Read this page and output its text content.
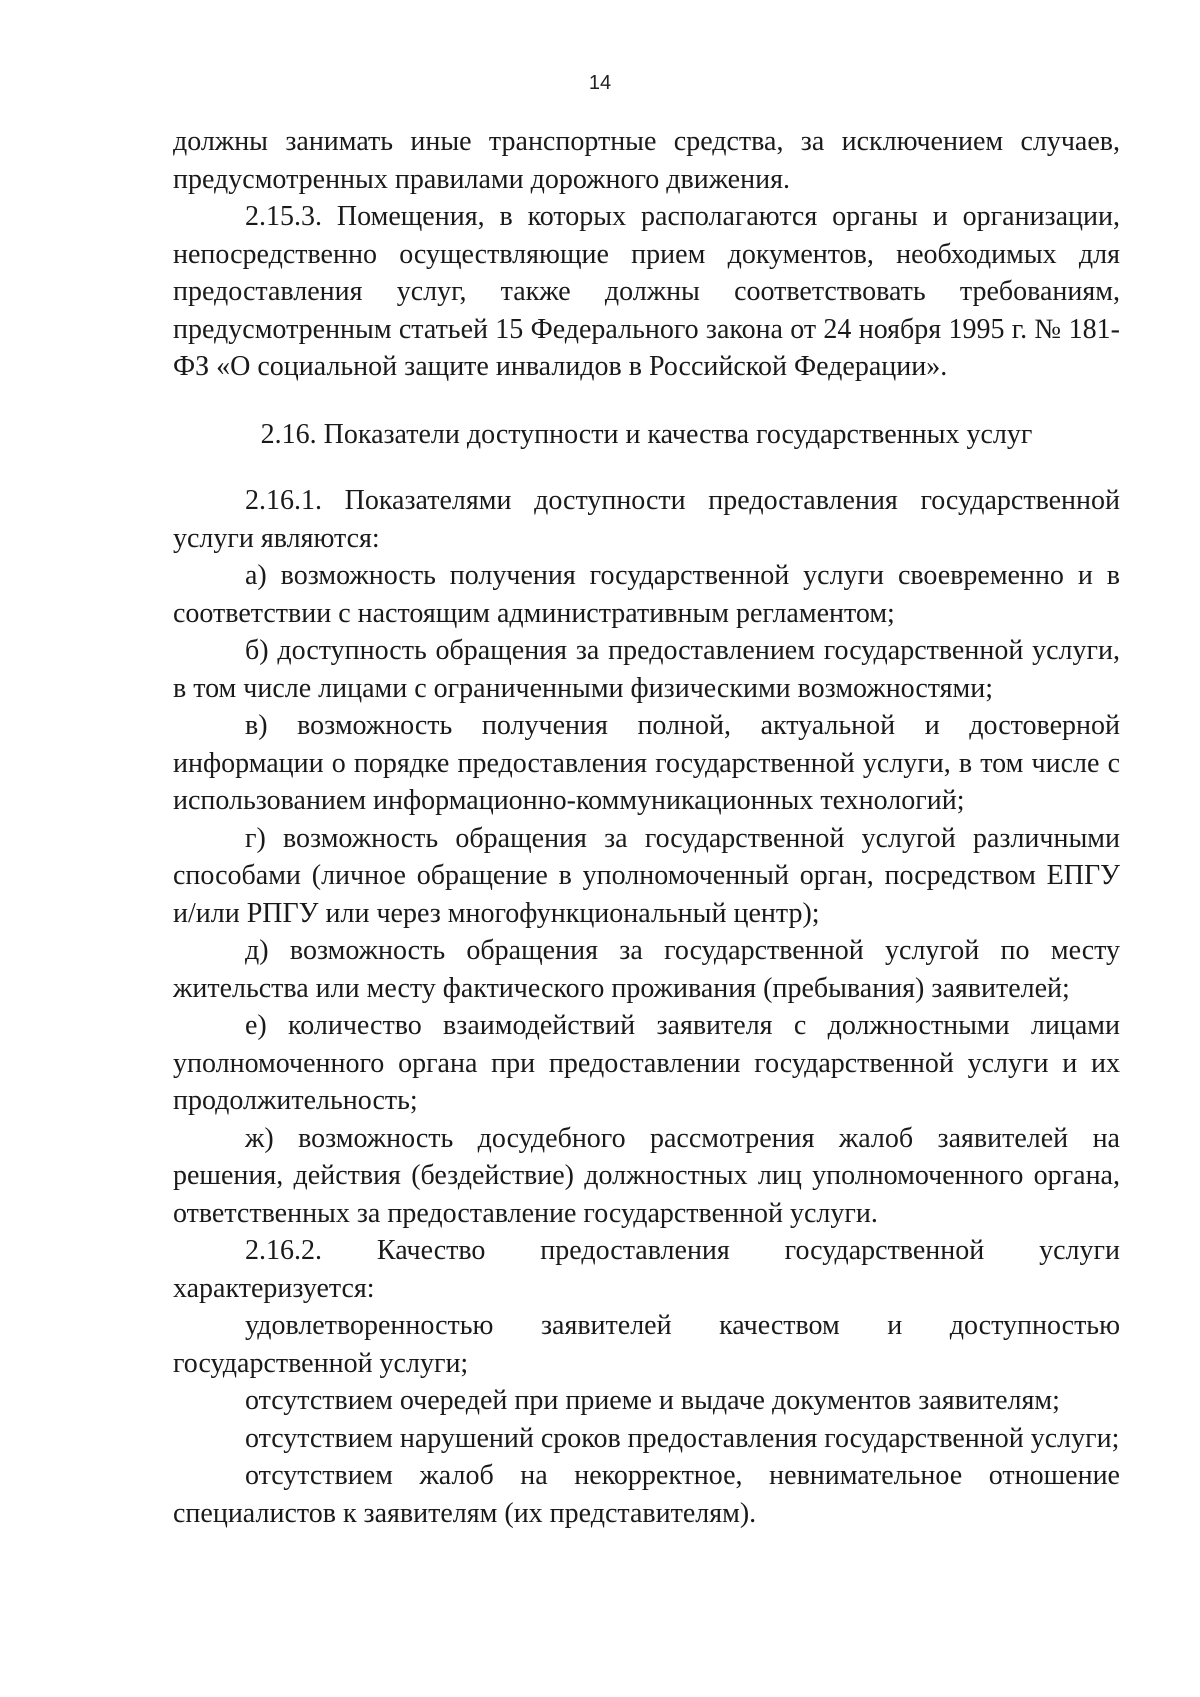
14

должны занимать иные транспортные средства, за исключением случаев, предусмотренных правилами дорожного движения.

2.15.3. Помещения, в которых располагаются органы и организации, непосредственно осуществляющие прием документов, необходимых для предоставления услуг, также должны соответствовать требованиям, предусмотренным статьей 15 Федерального закона от 24 ноября 1995 г. № 181-ФЗ «О социальной защите инвалидов в Российской Федерации».

2.16. Показатели доступности и качества государственных услуг

2.16.1. Показателями доступности предоставления государственной услуги являются:

а) возможность получения государственной услуги своевременно и в соответствии с настоящим административным регламентом;

б) доступность обращения за предоставлением государственной услуги, в том числе лицами с ограниченными физическими возможностями;

в) возможность получения полной, актуальной и достоверной информации о порядке предоставления государственной услуги, в том числе с использованием информационно-коммуникационных технологий;

г) возможность обращения за государственной услугой различными способами (личное обращение в уполномоченный орган, посредством ЕПГУ и/или РПГУ или через многофункциональный центр);

д) возможность обращения за государственной услугой по месту жительства или месту фактического проживания (пребывания) заявителей;

е) количество взаимодействий заявителя с должностными лицами уполномоченного органа при предоставлении государственной услуги и их продолжительность;

ж) возможность досудебного рассмотрения жалоб заявителей на решения, действия (бездействие) должностных лиц уполномоченного органа, ответственных за предоставление государственной услуги.

2.16.2. Качество предоставления государственной услуги характеризуется:

удовлетворенностью заявителей качеством и доступностью государственной услуги;

отсутствием очередей при приеме и выдаче документов заявителям;

отсутствием нарушений сроков предоставления государственной услуги;

отсутствием жалоб на некорректное, невнимательное отношение специалистов к заявителям (их представителям).
